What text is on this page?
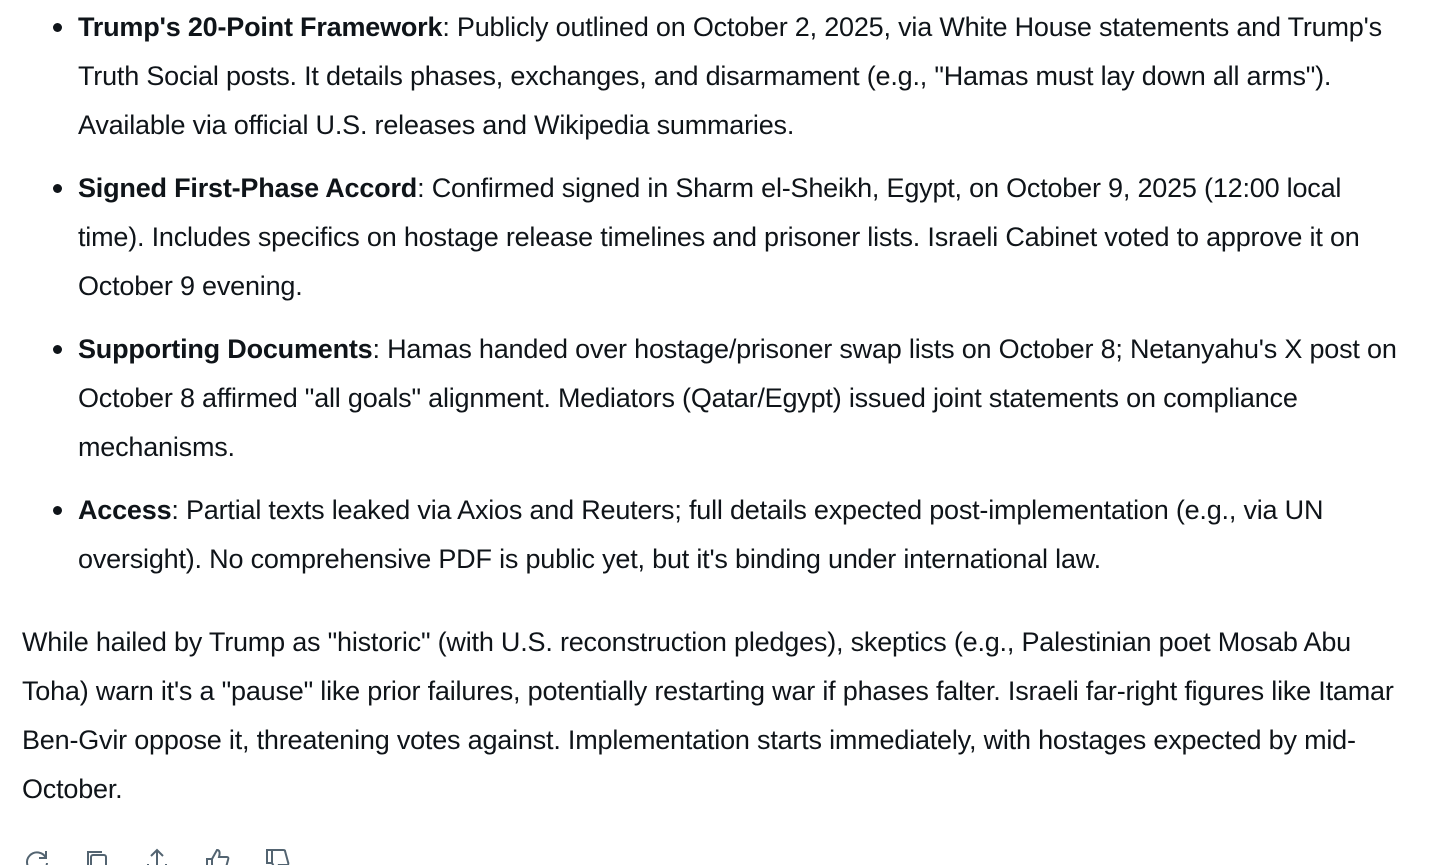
Trump's 20-Point Framework: Publicly outlined on October 2, 2025, via White House statements and Trump's Truth Social posts. It details phases, exchanges, and disarmament (e.g., "Hamas must lay down all arms"). Available via official U.S. releases and Wikipedia summaries.
Signed First-Phase Accord: Confirmed signed in Sharm el-Sheikh, Egypt, on October 9, 2025 (12:00 local time). Includes specifics on hostage release timelines and prisoner lists. Israeli Cabinet voted to approve it on October 9 evening.
Supporting Documents: Hamas handed over hostage/prisoner swap lists on October 8; Netanyahu's X post on October 8 affirmed "all goals" alignment. Mediators (Qatar/Egypt) issued joint statements on compliance mechanisms.
Access: Partial texts leaked via Axios and Reuters; full details expected post-implementation (e.g., via UN oversight). No comprehensive PDF is public yet, but it's binding under international law.

While hailed by Trump as "historic" (with U.S. reconstruction pledges), skeptics (e.g., Palestinian poet Mosab Abu Toha) warn it's a "pause" like prior failures, potentially restarting war if phases falter. Israeli far-right figures like Itamar Ben-Gvir oppose it, threatening votes against. Implementation starts immediately, with hostages expected by mid-October.
